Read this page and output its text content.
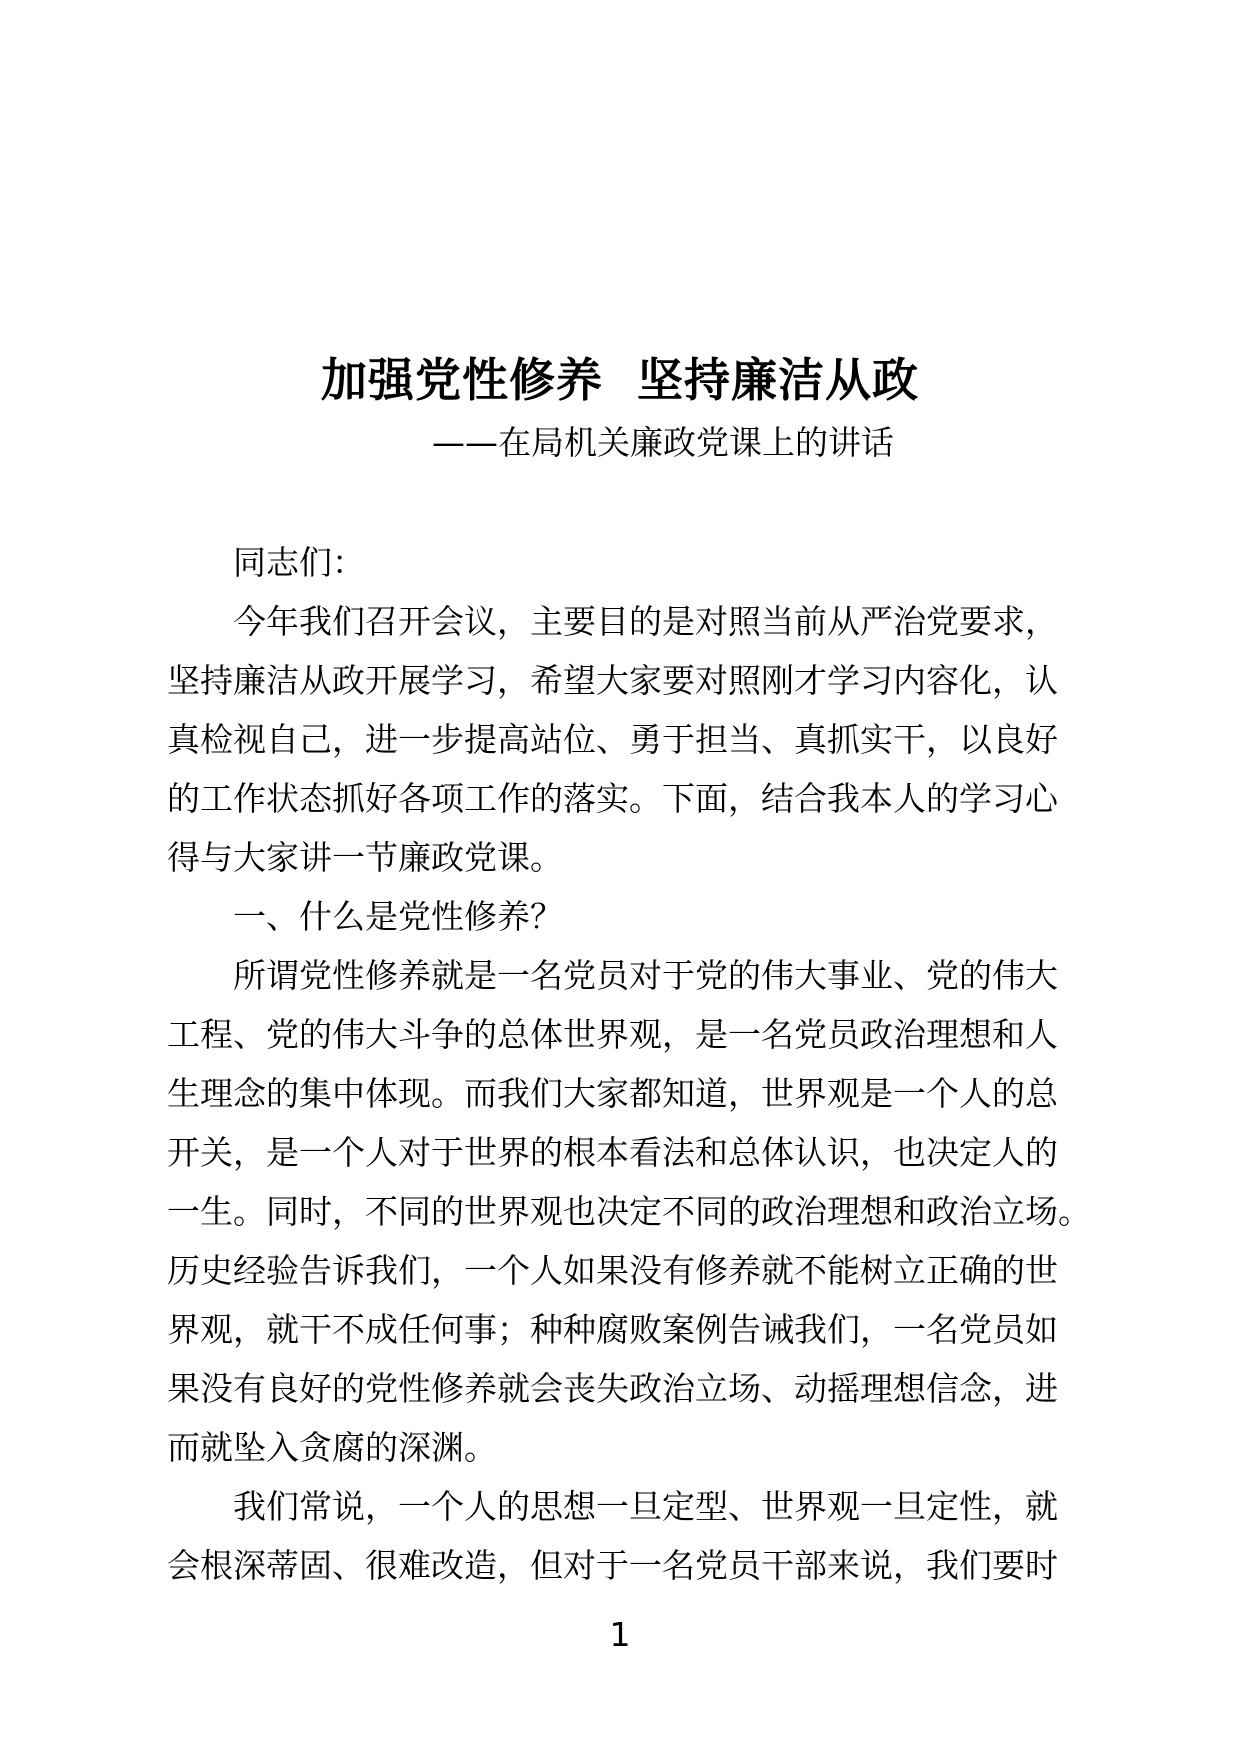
加强党性修养  坚持廉洁从政
——在局机关廉政党课上的讲话
同志们：
今年我们召开会议，主要目的是对照当前从严治党要求，
坚持廉洁从政开展学习，希望大家要对照刚才学习内容化，认
真检视自己，进一步提高站位、勇于担当、真抓实干，以良好
的工作状态抓好各项工作的落实。下面，结合我本人的学习心
得与大家讲一节廉政党课。
一、什么是党性修养？
所谓党性修养就是一名党员对于党的伟大事业、党的伟大
工程、党的伟大斗争的总体世界观，是一名党员政治理想和人
生理念的集中体现。而我们大家都知道，世界观是一个人的总
开关，是一个人对于世界的根本看法和总体认识，也决定人的
一生。同时，不同的世界观也决定不同的政治理想和政治立场。
历史经验告诉我们，一个人如果没有修养就不能树立正确的世
界观，就干不成任何事；种种腐败案例告诫我们，一名党员如
果没有良好的党性修养就会丧失政治立场、动摇理想信念，进
而就坠入贪腐的深渊。
我们常说，一个人的思想一旦定型、世界观一旦定性，就
会根深蒂固、很难改造，但对于一名党员干部来说，我们要时
1
